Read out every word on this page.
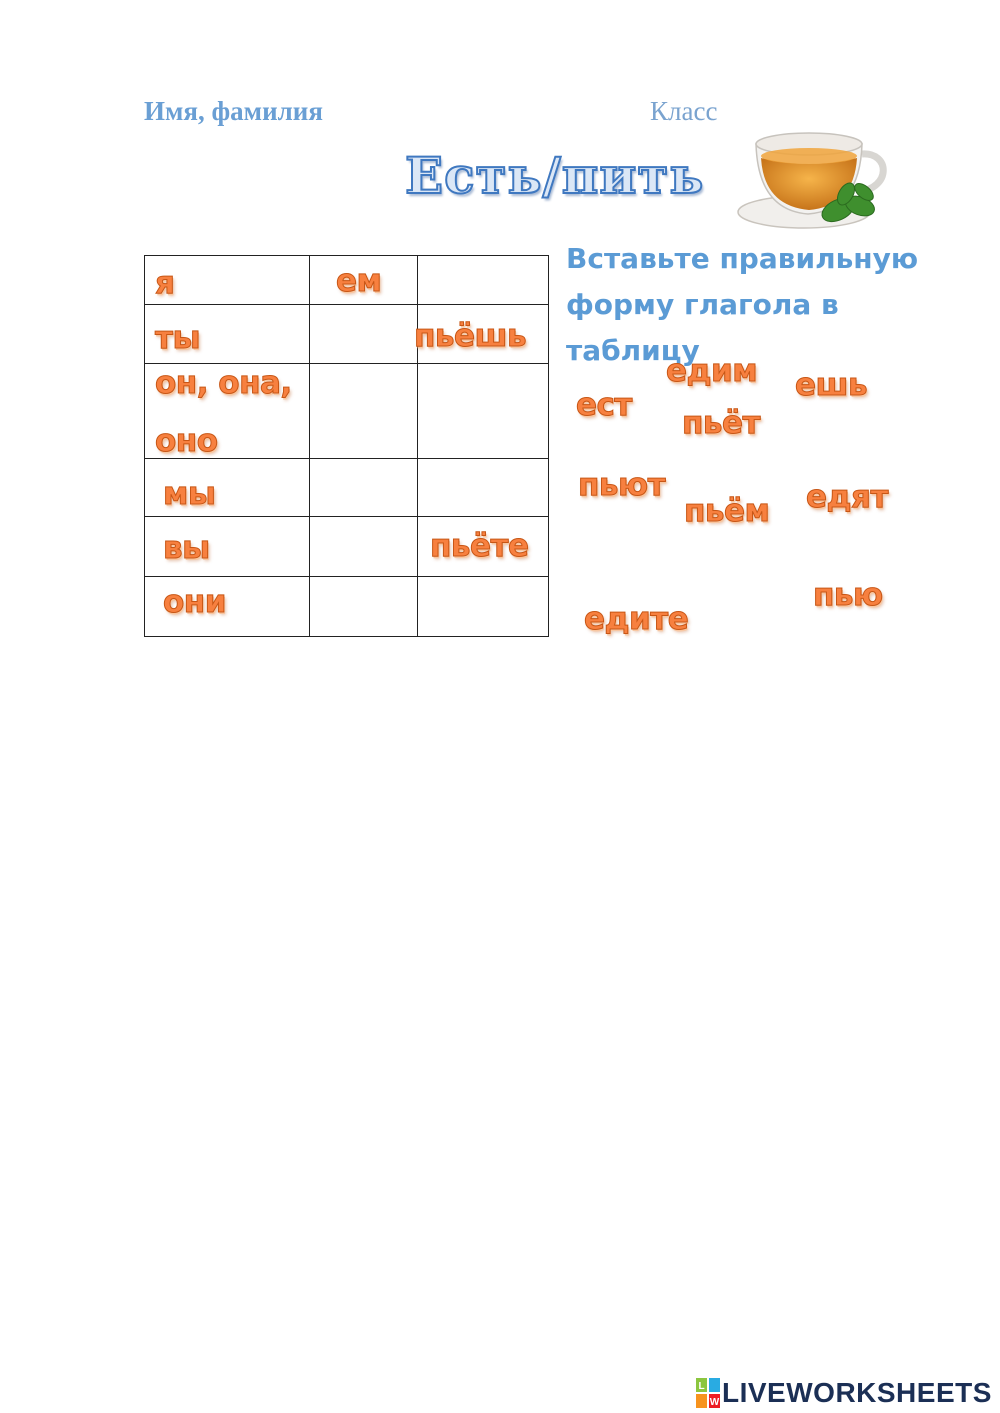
Имя, фамилия	Класс
Есть/пить
Вставьте правильную форму глагола в таблицу
я	ем	

ты		пьёшь

он, она,
оно		

мы		

вы		пьёте

они		

едим ешь
ест пьёт
пьют	едят
пьём
пью
едите
L
W LIVEWORKSHEETS
